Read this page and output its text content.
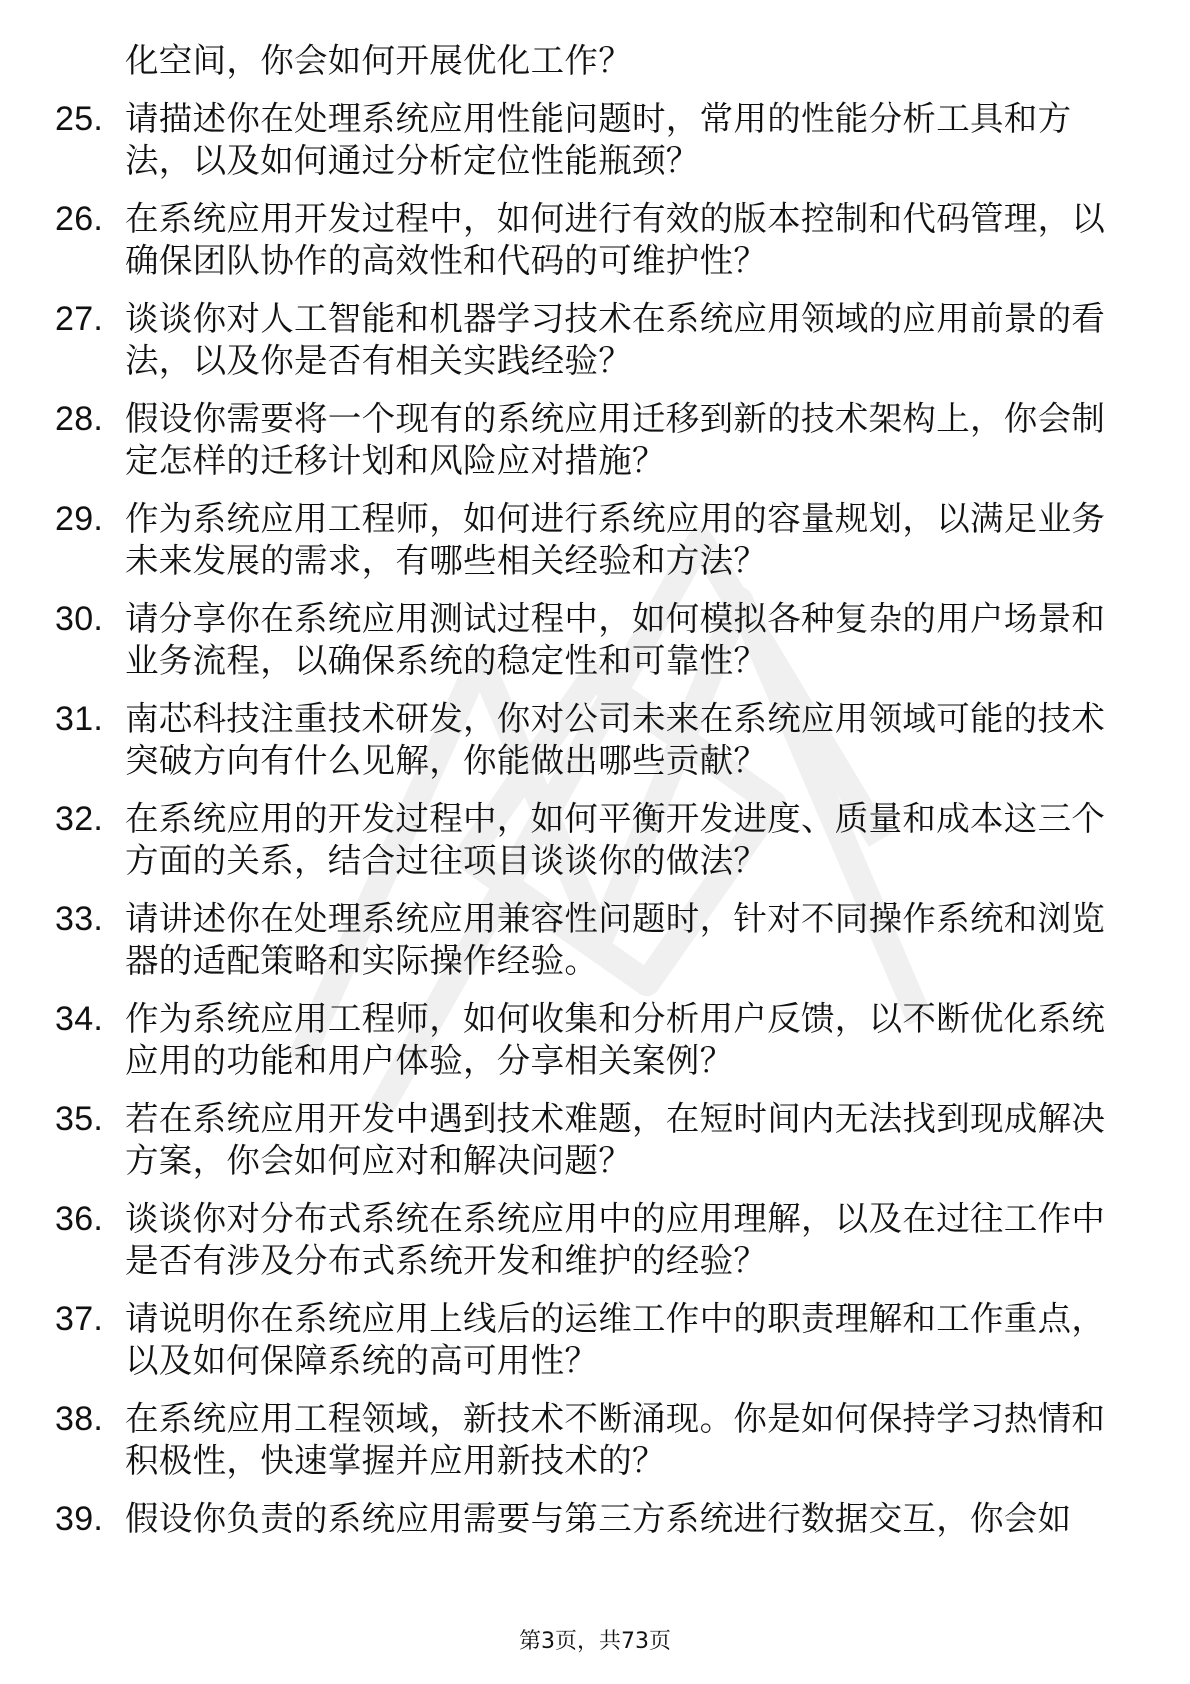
化空间，你会如何开展优化工作？
25. 请描述你在处理系统应用性能问题时，常用的性能分析工具和方法，以及如何通过分析定位性能瓶颈？
26. 在系统应用开发过程中，如何进行有效的版本控制和代码管理，以确保团队协作的高效性和代码的可维护性？
27. 谈谈你对人工智能和机器学习技术在系统应用领域的应用前景的看法，以及你是否有相关实践经验？
28. 假设你需要将一个现有的系统应用迁移到新的技术架构上，你会制定怎样的迁移计划和风险应对措施？
29. 作为系统应用工程师，如何进行系统应用的容量规划，以满足业务未来发展的需求，有哪些相关经验和方法？
30. 请分享你在系统应用测试过程中，如何模拟各种复杂的用户场景和业务流程，以确保系统的稳定性和可靠性？
31. 南芯科技注重技术研发，你对公司未来在系统应用领域可能的技术突破方向有什么见解，你能做出哪些贡献？
32. 在系统应用的开发过程中，如何平衡开发进度、质量和成本这三个方面的关系，结合过往项目谈谈你的做法？
33. 请讲述你在处理系统应用兼容性问题时，针对不同操作系统和浏览器的适配策略和实际操作经验。
34. 作为系统应用工程师，如何收集和分析用户反馈，以不断优化系统应用的功能和用户体验，分享相关案例？
35. 若在系统应用开发中遇到技术难题，在短时间内无法找到现成解决方案，你会如何应对和解决问题？
36. 谈谈你对分布式系统在系统应用中的应用理解，以及在过往工作中是否有涉及分布式系统开发和维护的经验？
37. 请说明你在系统应用上线后的运维工作中的职责理解和工作重点，以及如何保障系统的高可用性？
38. 在系统应用工程领域，新技术不断涌现。你是如何保持学习热情和积极性，快速掌握并应用新技术的？
39. 假设你负责的系统应用需要与第三方系统进行数据交互，你会如
第3页，共73页
